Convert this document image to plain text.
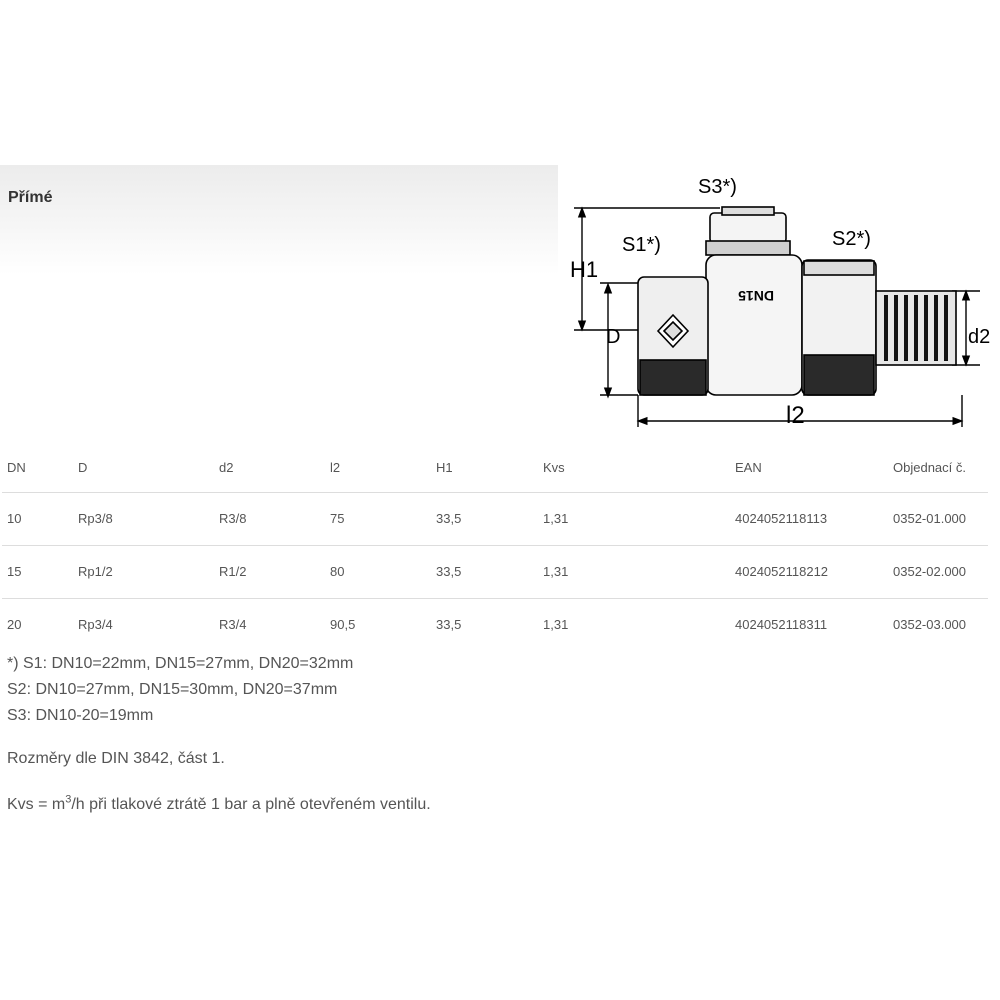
Přímé	S3*)
S1*)	S2*)
H1
D	d2
l2
DN15
DN	D	d2	l2	H1	Kvs	EAN	Objednací č.
10	Rp3/8	R3/8	75	33,5	1,31	4024052118113	0352-01.000
15	Rp1/2	R1/2	80	33,5	1,31	4024052118212	0352-02.000
20	Rp3/4	R3/4	90,5	33,5	1,31	4024052118311	0352-03.000
*) S1: DN10=22mm, DN15=27mm, DN20=32mm
S2: DN10=27mm, DN15=30mm, DN20=37mm
S3: DN10-20=19mm
Rozměry dle DIN 3842, část 1.
Kvs = $m^3/h$ při tlakové ztrátě 1 bar a plně otevřeném ventilu.
